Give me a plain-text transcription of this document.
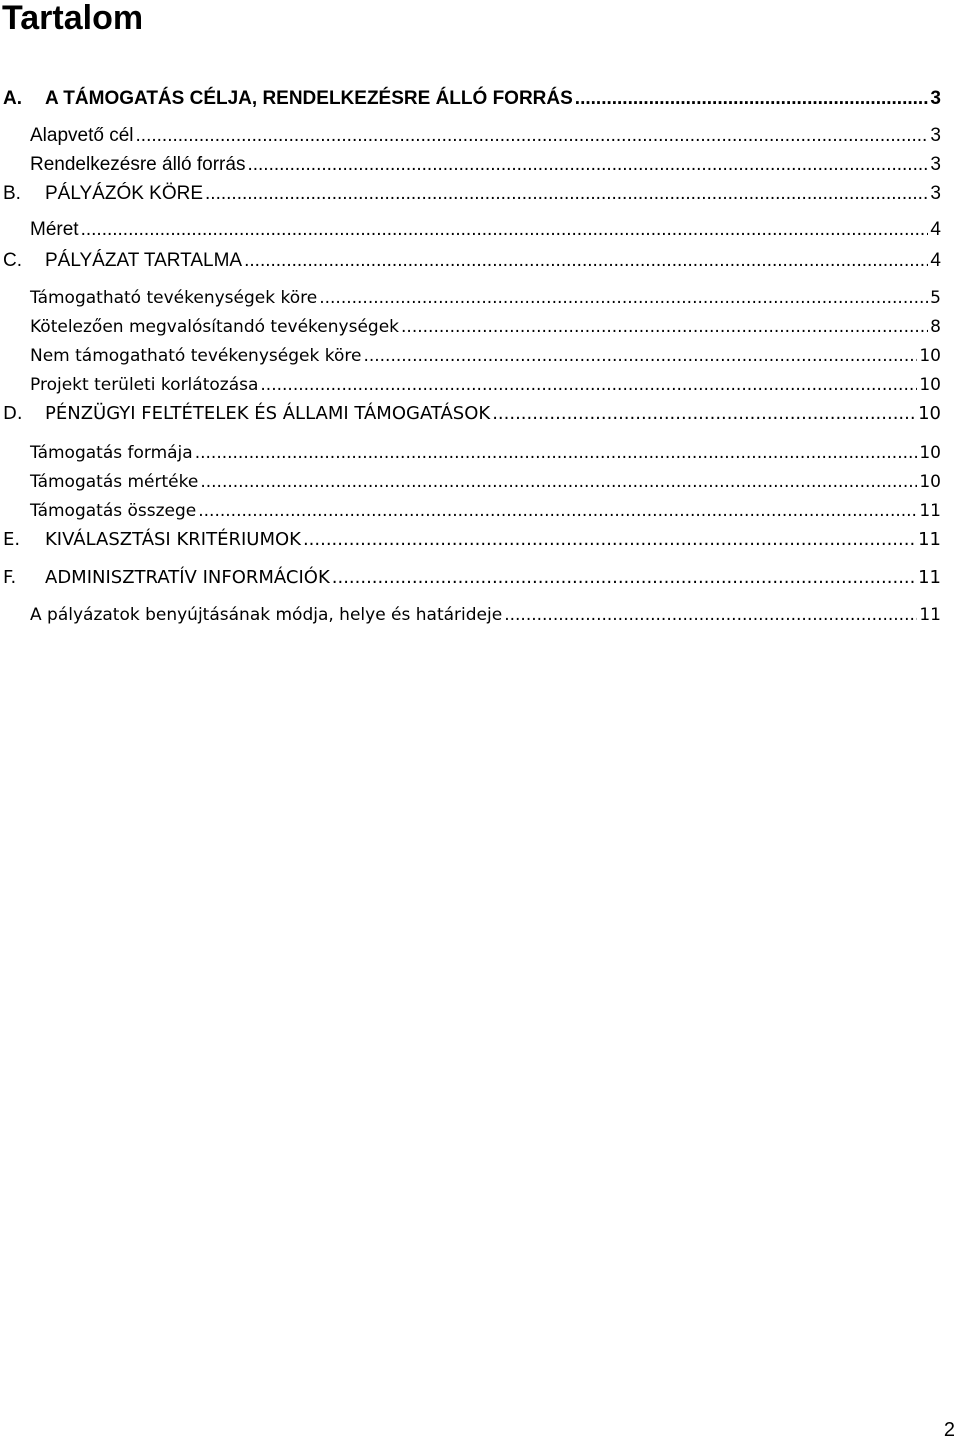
Tartalom
A.	A TÁMOGATÁS CÉLJA, RENDELKEZÉSRE ÁLLÓ FORRÁS .....	3
Alapvető cél .....	3
Rendelkezésre álló forrás .....	3
B.	PÁLYÁZÓK KÖRE .....	3
Méret .....	4
C.	PÁLYÁZAT TARTALMA .....	4
Támogatható tevékenységek köre .....	5
Kötelezően megvalósítandó tevékenységek .....	8
Nem támogatható tevékenységek köre .....	10
Projekt területi korlátozása .....	10
D.	PÉNZÜGYI FELTÉTELEK ÉS ÁLLAMI TÁMOGATÁSOK .....	10
Támogatás formája .....	10
Támogatás mértéke .....	10
Támogatás összege .....	11
E.	KIVÁLASZTÁSI KRITÉRIUMOK .....	11
F.	ADMINISZTRATÍV INFORMÁCIÓK .....	11
A pályázatok benyújtásának módja, helye és határideje .....	11
2
